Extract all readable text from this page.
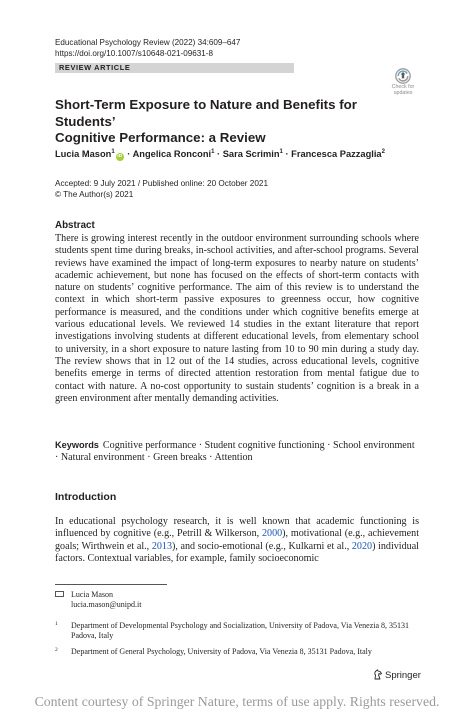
Educational Psychology Review (2022) 34:609–647
https://doi.org/10.1007/s10648-021-09631-8
REVIEW ARTICLE
Check for
updates
Short-Term Exposure to Nature and Benefits for Students’
Cognitive Performance: a Review
Lucia Mason$^1$iD · Angelica Ronconi$^1$ · Sara Scrimin$^1$ · Francesca Pazzaglia$^2$
Accepted: 9 July 2021 / Published online: 20 October 2021
© The Author(s) 2021
Abstract
There is growing interest recently in the outdoor environment surrounding schools where students spent time during breaks, in-school activities, and after-school programs. Several reviews have examined the impact of long-term exposures to nearby nature on students’ academic achievement, but none has focused on the effects of short-term contacts with nature on students’ cognitive performance. The aim of this review is to understand the context in which short-term passive exposures to greenness occur, how cognitive performance is measured, and the conditions under which cognitive benefits emerge at various educational levels. We reviewed 14 studies in the extant literature that report investigations involving students at different educational levels, from elementary school to university, in a short exposure to nature lasting from 10 to 90 min during a study day. The review shows that in 12 out of the 14 studies, across educational levels, cognitive benefits emerge in terms of directed attention restoration from mental fatigue due to contact with nature. A no-cost opportunity to sustain students’ cognition is a break in a green environment after mentally demanding activities.
Keywords Cognitive performance · Student cognitive functioning · School environment · Natural environment · Green breaks · Attention
Introduction
In educational psychology research, it is well known that academic functioning is influenced by cognitive (e.g., Petrill & Wilkerson, 2000), motivational (e.g., achievement goals; Wirthwein et al., 2013), and socio-emotional (e.g., Kulkarni et al., 2020) individual factors. Contextual variables, for example, family socioeconomic
Lucia Mason
lucia.mason@unipd.it
1 Department of Developmental Psychology and Socialization, University of Padova, Via Venezia 8, 35131 Padova, Italy
2 Department of General Psychology, University of Padova, Via Venezia 8, 35131 Padova, Italy
Springer
Content courtesy of Springer Nature, terms of use apply. Rights reserved.
